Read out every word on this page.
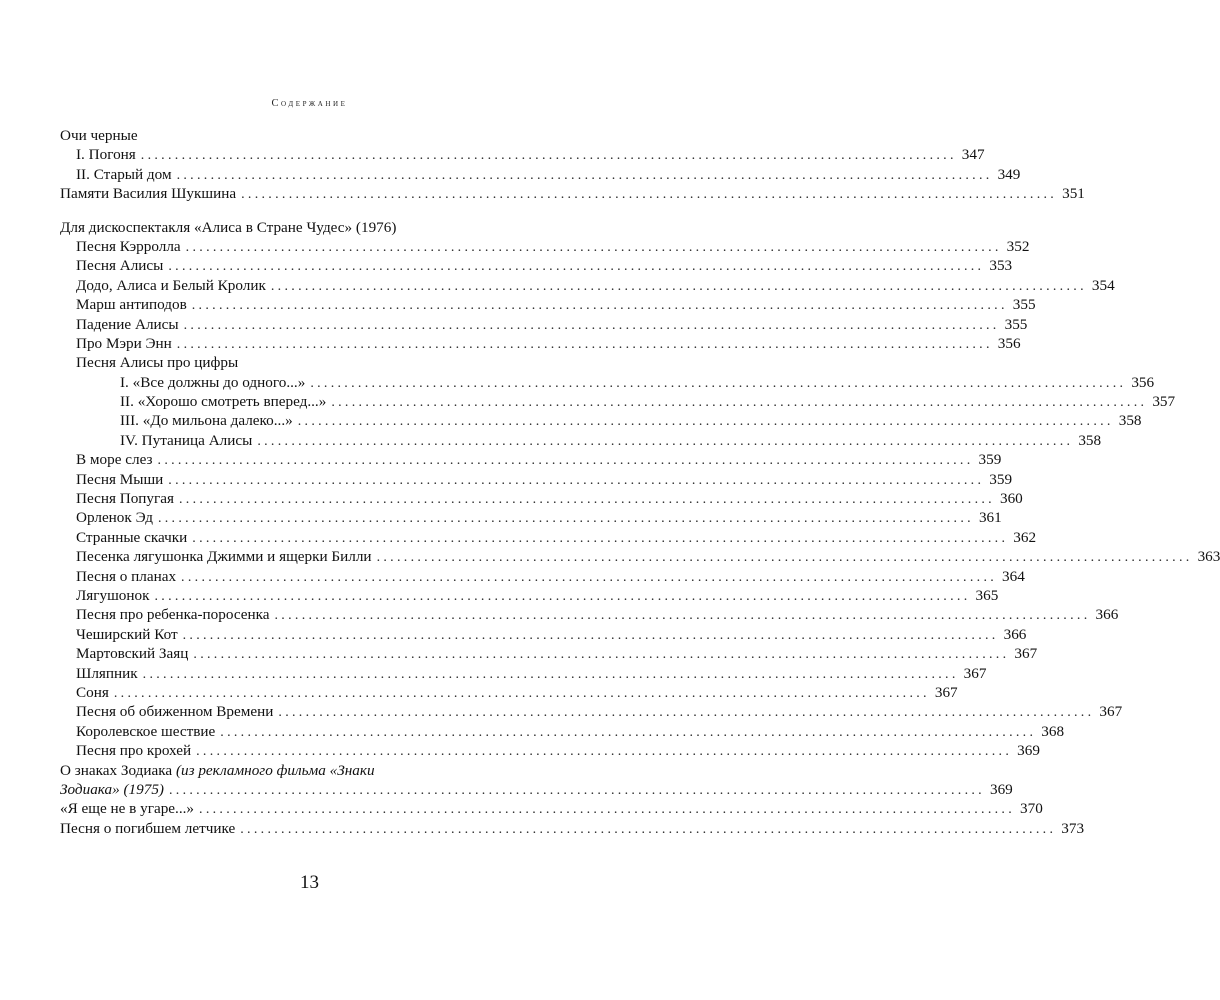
Содержание
Очи черные
I. Погоня ........................................................................................................................ 347
II. Старый дом ........................................................................................................................ 349
Памяти Василия Шукшина ........................................................................................................................ 351
Для дискоспектакля «Алиса в Стране Чудес» (1976)
Песня Кэрролла ........................................................................................................................ 352
Песня Алисы ........................................................................................................................ 353
Додо, Алиса и Белый Кролик ........................................................................................................................ 354
Марш антиподов ........................................................................................................................ 355
Падение Алисы ........................................................................................................................ 355
Про Мэри Энн ........................................................................................................................ 356
Песня Алисы про цифры
I. «Все должны до одного...» ........................................................................................................................ 356
II. «Хорошо смотреть вперед...» ........................................................................................................................ 357
III. «До мильона далеко...» ........................................................................................................................ 358
IV. Путаница Алисы ........................................................................................................................ 358
В море слез ........................................................................................................................ 359
Песня Мыши ........................................................................................................................ 359
Песня Попугая ........................................................................................................................ 360
Орленок Эд ........................................................................................................................ 361
Странные скачки ........................................................................................................................ 362
Песенка лягушонка Джимми и ящерки Билли ........................................................................................................................ 363
Песня о планах ........................................................................................................................ 364
Лягушонок ........................................................................................................................ 365
Песня про ребенка-поросенка ........................................................................................................................ 366
Чеширский Кот ........................................................................................................................ 366
Мартовский Заяц ........................................................................................................................ 367
Шляпник ........................................................................................................................ 367
Соня ........................................................................................................................ 367
Песня об обиженном Времени ........................................................................................................................ 367
Королевское шествие ........................................................................................................................ 368
Песня про крохей ........................................................................................................................ 369
О знаках Зодиака (из рекламного фильма «Знаки
Зодиака» (1975) ........................................................................................................................ 369
«Я еще не в угаре...» ........................................................................................................................ 370
Песня о погибшем летчике ........................................................................................................................ 373
13
